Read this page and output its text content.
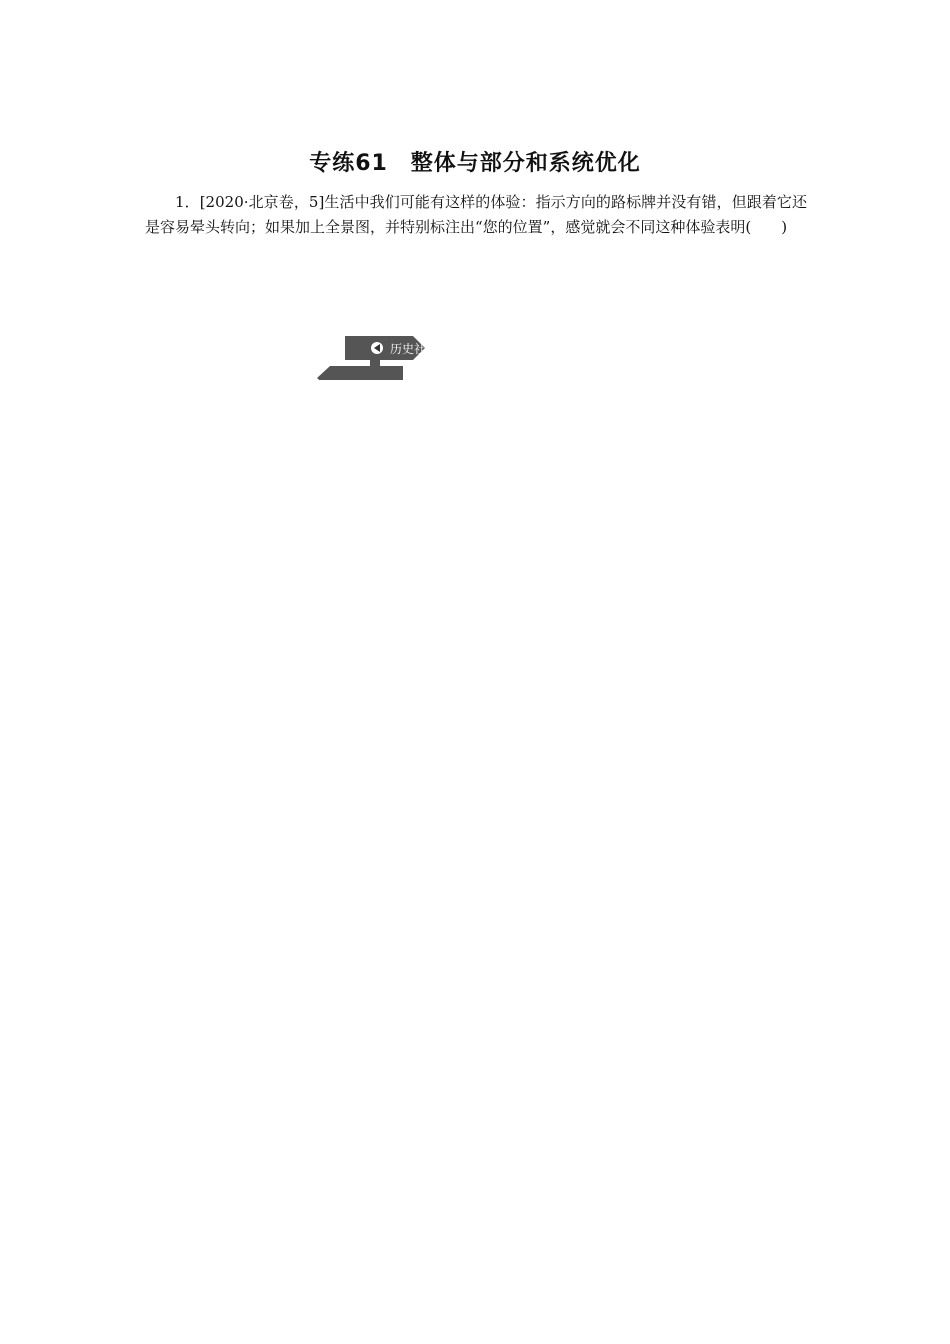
专练61　整体与部分和系统优化

1．[2020·北京卷，5]生活中我们可能有这样的体验：指示方向的路标牌并没有错，但跟着它还是容易晕头转向；如果加上全景图，并特别标注出“您的位置”，感觉就会不同这种体验表明(　　)

历史社
